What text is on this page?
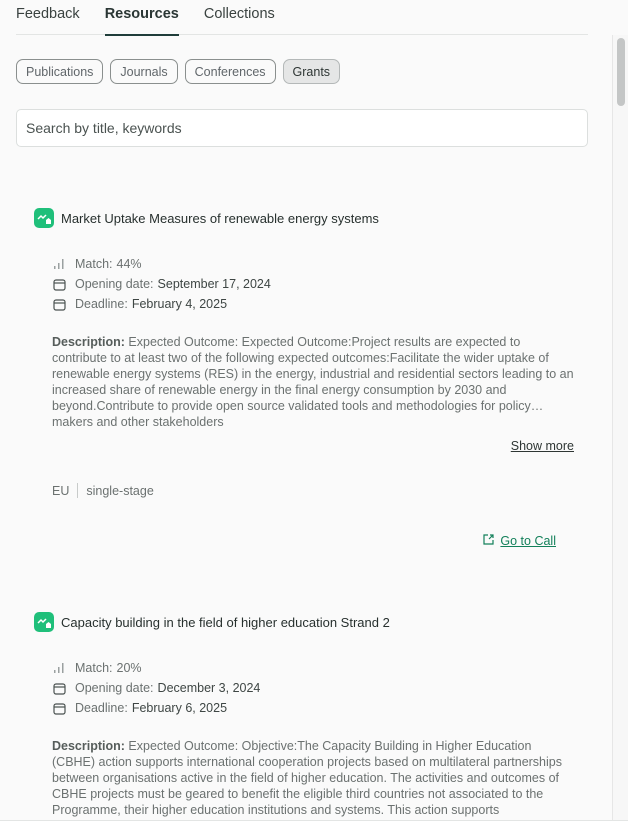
Feedback Resources Collections
Publications	Journals	Conferences	Grants
Search by title, keywords
Market Uptake Measures of renewable energy systems
Match: 44%
Opening date: September 17, 2024
Deadline: February 4, 2025
Description: Expected Outcome: Expected Outcome:Project results are expected to contribute to at least two of the following expected outcomes:Facilitate the wider uptake of renewable energy systems (RES) in the energy, industrial and residential sectors leading to an increased share of renewable energy in the final energy consumption by 2030 and beyond.Contribute to provide open source validated tools and methodologies for policy makers and other stakeholders
Show more
EU single-stage
Go to Call
Capacity building in the field of higher education Strand 2
Match: 20%
Opening date: December 3, 2024
Deadline: February 6, 2025
Description: Expected Outcome: Objective:The Capacity Building in Higher Education (CBHE) action supports international cooperation projects based on multilateral partnerships between organisations active in the field of higher education. The activities and outcomes of CBHE projects must be geared to benefit the eligible third countries not associated to the Programme, their higher education institutions and systems. This action supports
